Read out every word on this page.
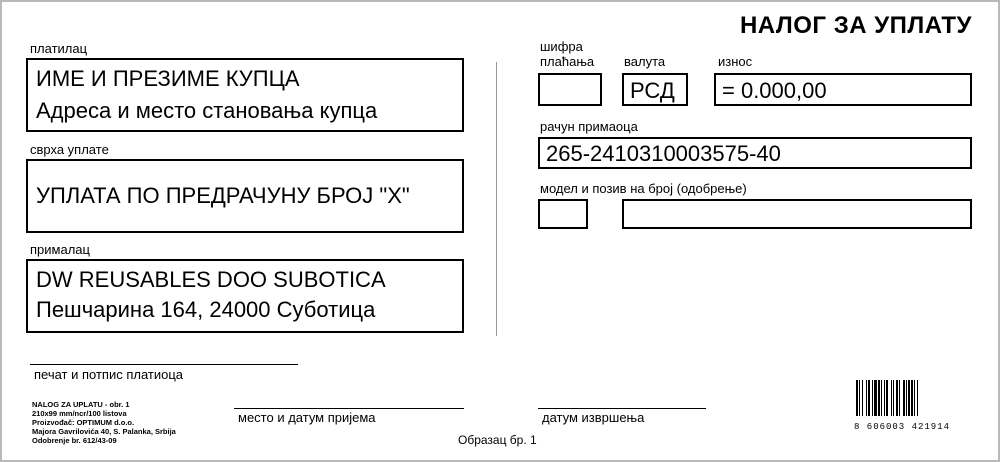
НАЛОГ ЗА УПЛАТУ
платилац
ИМЕ И ПРЕЗИМЕ КУПЦА
Адреса и место становања купца
сврха уплате
УПЛАТА ПО ПРЕДРАЧУНУ БРОЈ "Х"
прималац
DW REUSABLES DOO SUBOTICA
Пешчарина 164, 24000 Суботица
шифра
плаћања валута
РСД
износ
= 0.000,00
рачун примаоца
265-2410310003575-40
модел и позив на број (одобрење)
печат и потпис платиоца
место и датум пријема	датум извршења
Образац бр. 1
NALOG ZA UPLATU - obr. 1
210x99 mm/ncr/100 listova
Proizvođač: OPTIMUM d.o.o.
Majora Gavrilovića 40, S. Palanka, Srbija
Odobrenje br. 612/43-09
8 606003 421914
